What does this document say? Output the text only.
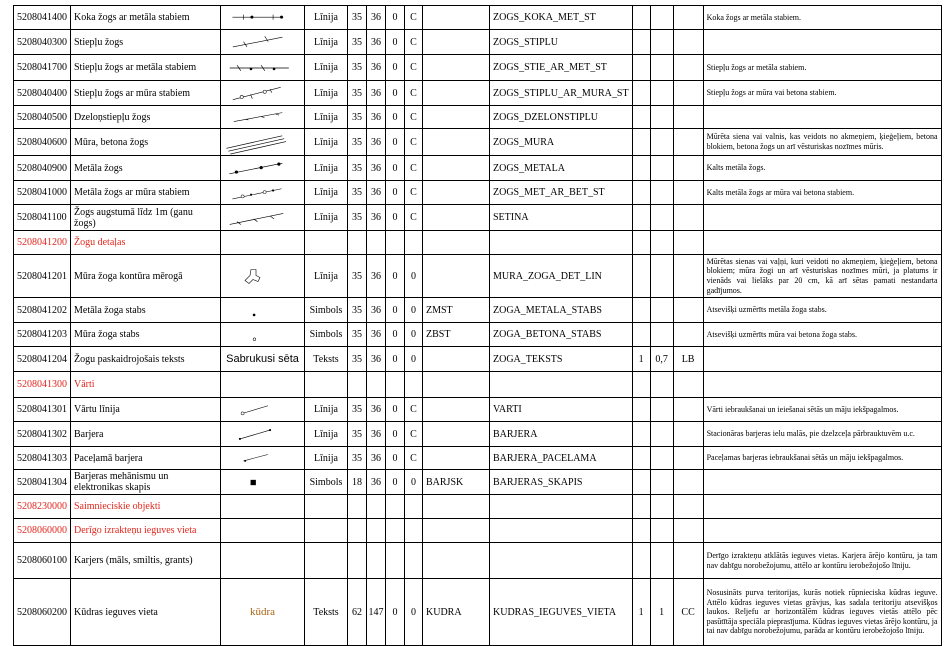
5208041400	Koka žogs ar metāla stabiem		Līnija	35	36	0	C		ZOGS_KOKA_MET_ST				Koka žogs ar metāla stabiem.
5208040300	Stiepļu žogs		Līnija	35	36	0	C		ZOGS_STIPLU				
5208041700	Stiepļu žogs ar metāla stabiem		Līnija	35	36	0	C		ZOGS_STIE_AR_MET_ST				Stiepļu žogs ar metāla stabiem.
5208040400	Stiepļu žogs ar mūra stabiem		Līnija	35	36	0	C		ZOGS_STIPLU_AR_MURA_ST				Stiepļu žogs ar mūra vai betona stabiem.
5208040500	Dzeloņstiepļu žogs		Līnija	35	36	0	C		ZOGS_DZELONSTIPLU				
5208040600	Mūra, betona žogs		Līnija	35	36	0	C		ZOGS_MURA				Mūrēta siena vai valnis, kas veidots no akmeņiem, ķieģeļiem, betona blokiem, betona žogs un arī vēsturiskas nozīmes mūris.
5208040900	Metāla žogs		Līnija	35	36	0	C		ZOGS_METALA				Kalts metāla žogs.
5208041000	Metāla žogs ar mūra stabiem		Līnija	35	36	0	C		ZOGS_MET_AR_BET_ST				Kalts metāla žogs ar mūra vai betona stabiem.
5208041100	Žogs augstumā līdz 1m (ganu žogs)		Līnija	35	36	0	C		SETINA				
5208041200	Žogu detaļas												
5208041201	Mūra žoga kontūra mērogā		Līnija	35	36	0	0		MURA_ZOGA_DET_LIN				Mūrētas sienas vai vaļņi, kuri veidoti no akmeņiem, ķieģeļiem, betona blokiem; mūra žogi un arī vēsturiskas nozīmes mūri, ja platums ir vienāds vai lielāks par 20 cm, kā arī sētas pamati nestandarta gadījumos.
5208041202	Metāla žoga stabs		Simbols	35	36	0	0	ZMST	ZOGA_METALA_STABS				Atsevišķi uzmērīts metāla žoga stabs.
5208041203	Mūra žoga stabs		Simbols	35	36	0	0	ZBST	ZOGA_BETONA_STABS				Atsevišķi uzmērīts mūra vai betona žoga stabs.
5208041204	Žogu paskaidrojošais teksts	Sabrukusi sēta	Teksts	35	36	0	0		ZOGA_TEKSTS	1	0,7	LB	
5208041300	Vārti												
5208041301	Vārtu līnija		Līnija	35	36	0	C		VARTI				Vārti iebraukšanai un ieiešanai sētās un māju iekšpagalmos.
5208041302	Barjera		Līnija	35	36	0	C		BARJERA				Stacionāras barjeras ielu malās, pie dzelzceļa pārbrauktuvēm u.c.
5208041303	Paceļamā barjera		Līnija	35	36	0	C		BARJERA_PACELAMA				Paceļamas barjeras iebraukšanai sētās un māju iekšpagalmos.
5208041304	Barjeras mehānismu un elektronikas skapis		Simbols	18	36	0	0	BARJSK	BARJERAS_SKAPIS				
5208230000	Saimnieciskie objekti												
5208060000	Derīgo izrakteņu ieguves vieta												
5208060100	Karjers (māls, smiltis, grants)												Derīgo izrakteņu atklātās ieguves vietas. Karjera ārējo kontūru, ja tam nav dabīgu norobežojumu, attēlo ar kontūru ierobežojošo līniju.
5208060200	Kūdras ieguves vieta	kūdra	Teksts	62	147	0	0	KUDRA	KUDRAS_IEGUVES_VIETA	1	1	CC	Nosusināts purva teritorijas, kurās notiek rūpnieciska kūdras ieguve. Attēlo kūdras ieguves vietas grāvjus, kas sadala teritoriju atsevišķos laukos. Reljefu ar horizontālēm kūdras ieguves vietās attēlo pēc pasūtītāja speciāla pieprasījuma. Kūdras ieguves vietas ārējo kontūru, ja tai nav dabīgu norobežojumu, parāda ar kontūru ierobežojošo līniju.
